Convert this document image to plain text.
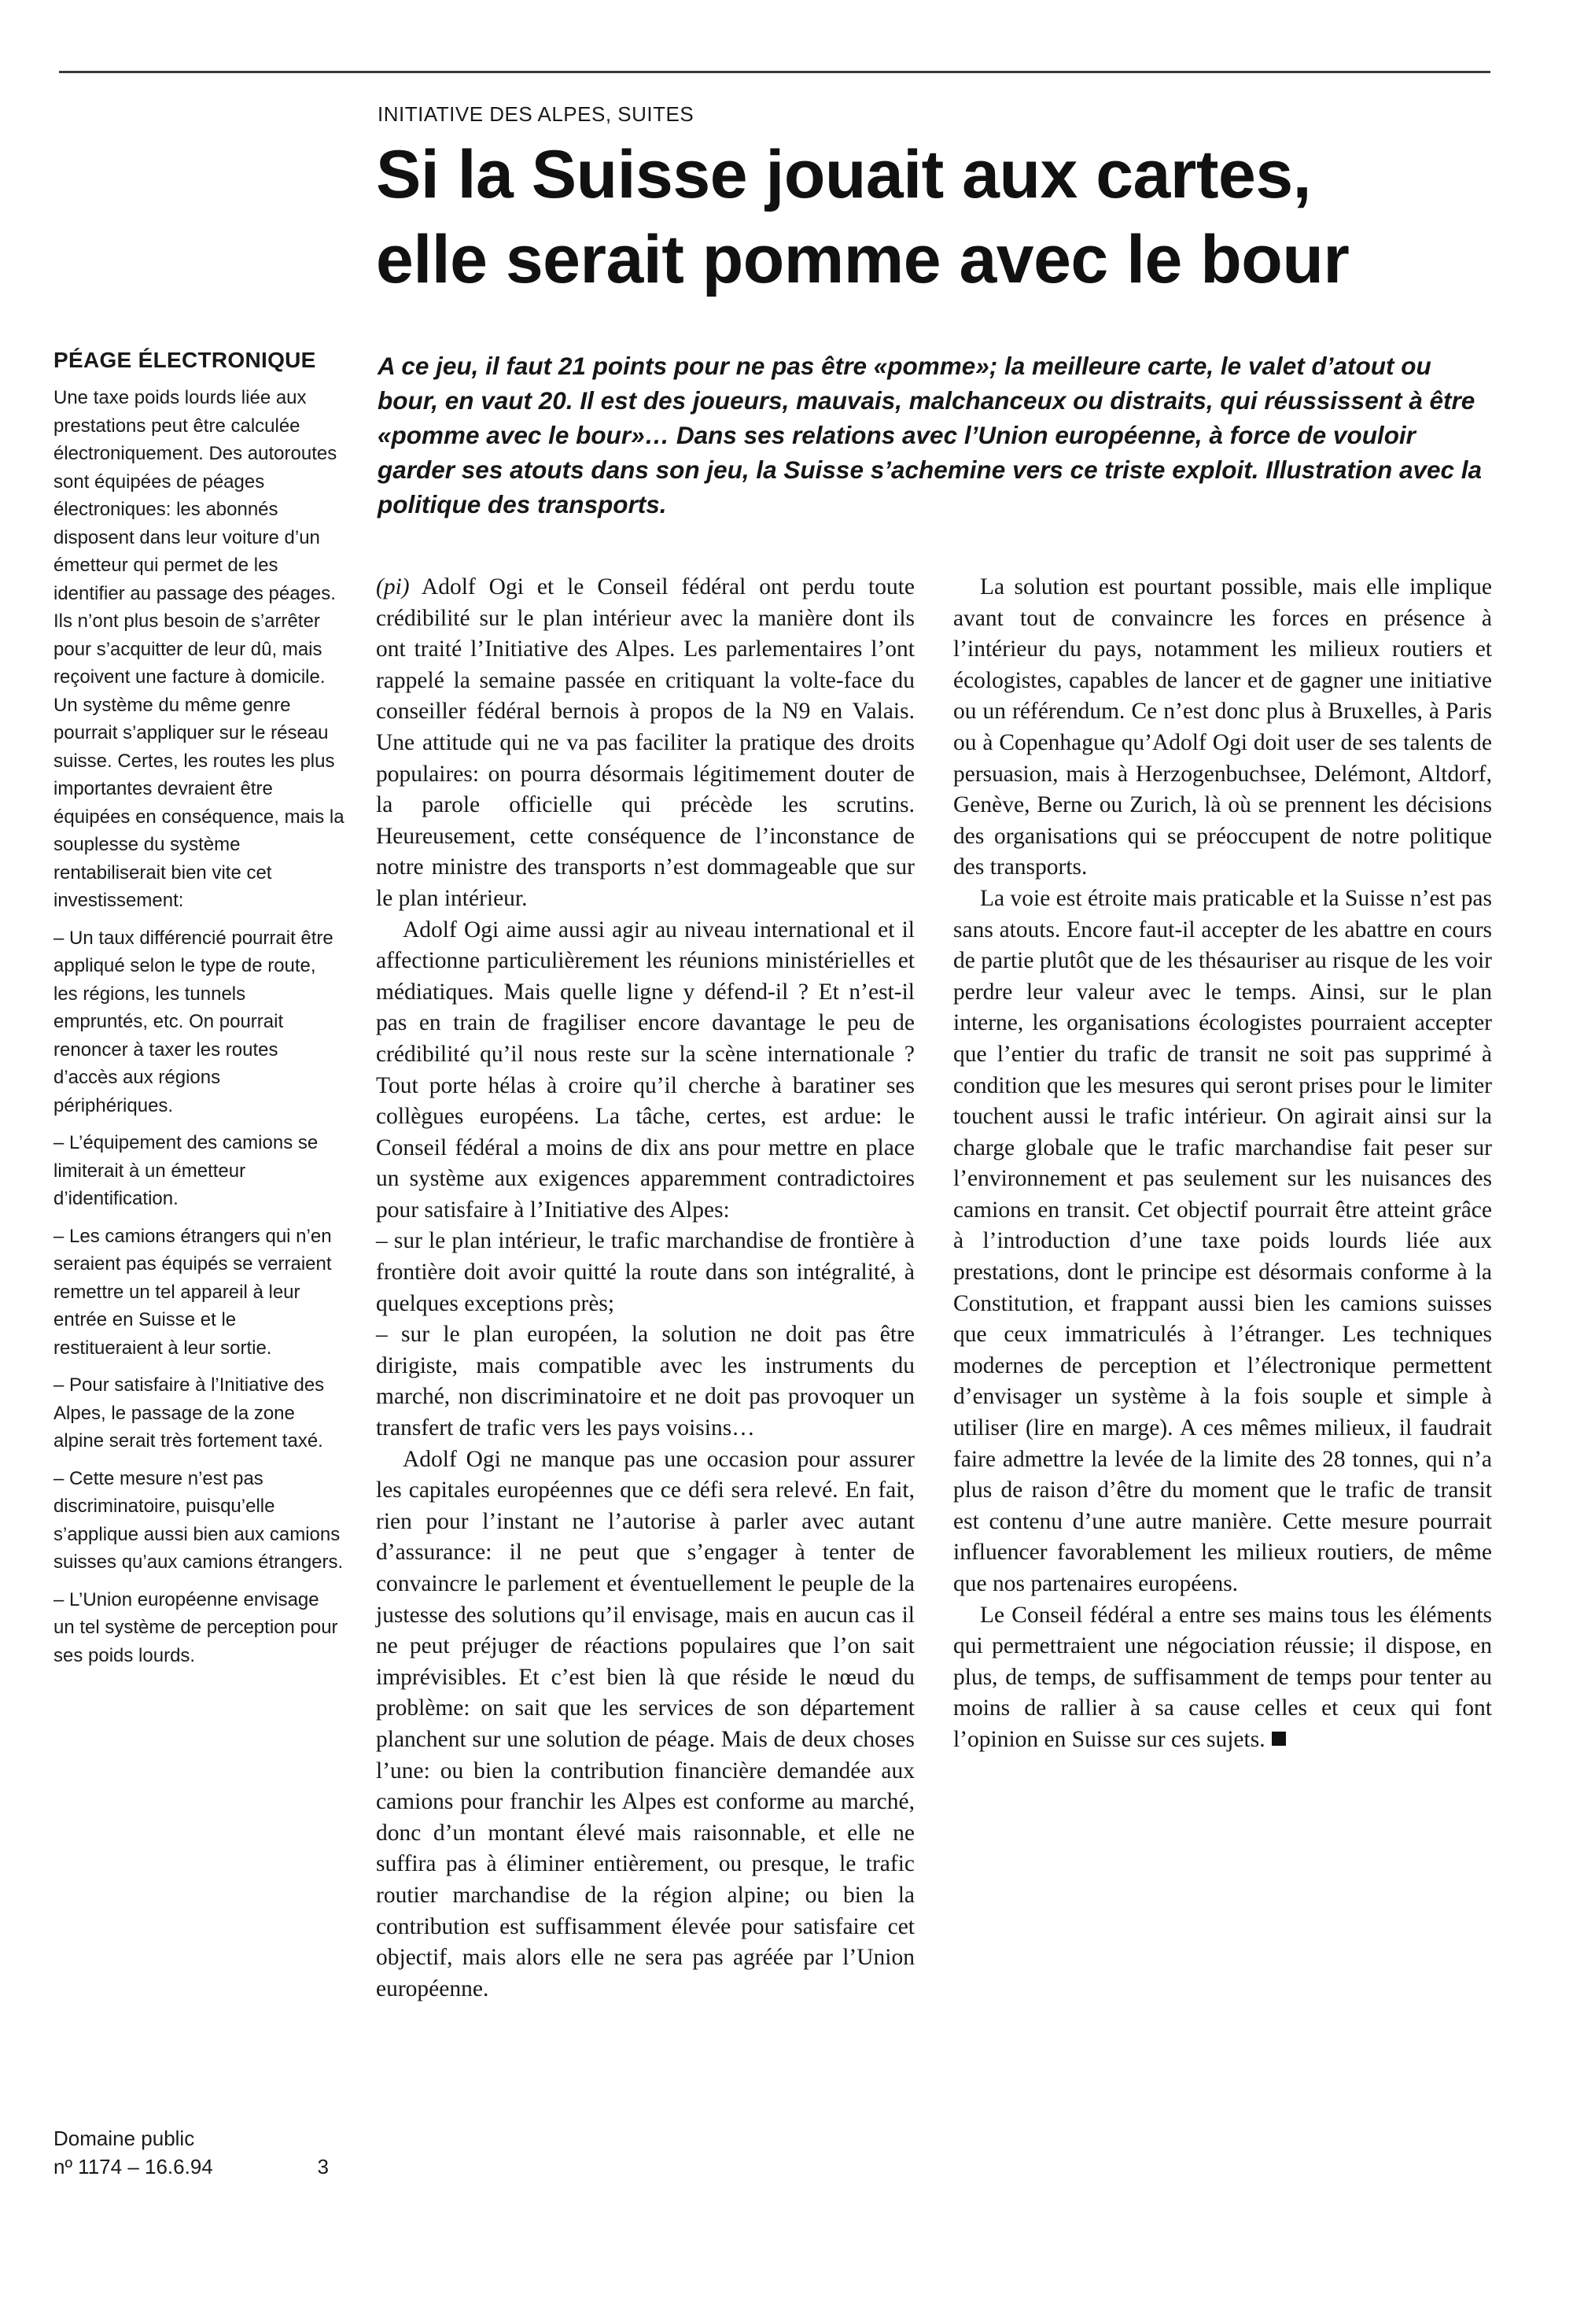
INITIATIVE DES ALPES, SUITES
Si la Suisse jouait aux cartes,
elle serait pomme avec le bour

A ce jeu, il faut 21 points pour ne pas être «pomme»; la meilleure carte, le valet d’atout ou bour, en vaut 20. Il est des joueurs, mauvais, malchanceux ou distraits, qui réussissent à être «pomme avec le bour»… Dans ses relations avec l’Union européenne, à force de vouloir garder ses atouts dans son jeu, la Suisse s’achemine vers ce triste exploit. Illustration avec la politique des transports.

PÉAGE ÉLECTRONIQUE

Une taxe poids lourds liée aux prestations peut être calculée électroniquement. Des autoroutes sont équipées de péages électroniques: les abonnés disposent dans leur voiture d’un émetteur qui permet de les identifier au passage des péages. Ils n’ont plus besoin de s’arrêter pour s’acquitter de leur dû, mais reçoivent une facture à domicile. Un système du même genre pourrait s’appliquer sur le réseau suisse. Certes, les routes les plus importantes devraient être équipées en conséquence, mais la souplesse du système rentabiliserait bien vite cet investissement:

– Un taux différencié pourrait être appliqué selon le type de route, les régions, les tunnels empruntés, etc. On pourrait renoncer à taxer les routes d’accès aux régions périphériques.
– L’équipement des camions se limiterait à un émetteur d’identification.
– Les camions étrangers qui n’en seraient pas équipés se verraient remettre un tel appareil à leur entrée en Suisse et le restitueraient à leur sortie.
– Pour satisfaire à l’Initiative des Alpes, le passage de la zone alpine serait très fortement taxé.
– Cette mesure n’est pas discriminatoire, puisqu’elle s’applique aussi bien aux camions suisses qu’aux camions étrangers.
– L’Union européenne envisage un tel système de perception pour ses poids lourds.
Domaine public
nº 1174 – 16.6.94	3

(pi) Adolf Ogi et le Conseil fédéral ont perdu toute crédibilité sur le plan intérieur avec la manière dont ils ont traité l’Initiative des Alpes. Les parlementaires l’ont rappelé la semaine passée en critiquant la volte-face du conseiller fédéral bernois à propos de la N9 en Valais. Une attitude qui ne va pas faciliter la pratique des droits populaires: on pourra désormais légitimement douter de la parole officielle qui précède les scrutins. Heureusement, cette conséquence de l’inconstance de notre ministre des transports n’est dommageable que sur le plan intérieur.

Adolf Ogi aime aussi agir au niveau international et il affectionne particulièrement les réunions ministérielles et médiatiques. Mais quelle ligne y défend-il ? Et n’est-il pas en train de fragiliser encore davantage le peu de crédibilité qu’il nous reste sur la scène internationale ? Tout porte hélas à croire qu’il cherche à baratiner ses collègues européens. La tâche, certes, est ardue: le Conseil fédéral a moins de dix ans pour mettre en place un système aux exigences apparemment contradictoires pour satisfaire à l’Initiative des Alpes:

– sur le plan intérieur, le trafic marchandise de frontière à frontière doit avoir quitté la route dans son intégralité, à quelques exceptions près;

– sur le plan européen, la solution ne doit pas être dirigiste, mais compatible avec les instruments du marché, non discriminatoire et ne doit pas provoquer un transfert de trafic vers les pays voisins…

Adolf Ogi ne manque pas une occasion pour assurer les capitales européennes que ce défi sera relevé. En fait, rien pour l’instant ne l’autorise à parler avec autant d’assurance: il ne peut que s’engager à tenter de convaincre le parlement et éventuellement le peuple de la justesse des solutions qu’il envisage, mais en aucun cas il ne peut préjuger de réactions populaires que l’on sait imprévisibles. Et c’est bien là que réside le nœud du problème: on sait que les services de son département planchent sur une solution de péage. Mais de deux choses l’une: ou bien la contribution financière demandée aux camions pour franchir les Alpes est conforme au marché, donc d’un montant élevé mais raisonnable, et elle ne suffira pas à éliminer entièrement, ou presque, le trafic routier marchandise de la région alpine; ou bien la contribution est suffisamment élevée pour satisfaire cet objectif, mais alors elle ne sera pas agréée par l’Union européenne.

La solution est pourtant possible, mais elle implique avant tout de convaincre les forces en présence à l’intérieur du pays, notamment les milieux routiers et écologistes, capables de lancer et de gagner une initiative ou un référendum. Ce n’est donc plus à Bruxelles, à Paris ou à Copenhague qu’Adolf Ogi doit user de ses talents de persuasion, mais à Herzogenbuchsee, Delémont, Altdorf, Genève, Berne ou Zurich, là où se prennent les décisions des organisations qui se préoccupent de notre politique des transports.

La voie est étroite mais praticable et la Suisse n’est pas sans atouts. Encore faut-il accepter de les abattre en cours de partie plutôt que de les thésauriser au risque de les voir perdre leur valeur avec le temps. Ainsi, sur le plan interne, les organisations écologistes pourraient accepter que l’entier du trafic de transit ne soit pas supprimé à condition que les mesures qui seront prises pour le limiter touchent aussi le trafic intérieur. On agirait ainsi sur la charge globale que le trafic marchandise fait peser sur l’environnement et pas seulement sur les nuisances des camions en transit. Cet objectif pourrait être atteint grâce à l’introduction d’une taxe poids lourds liée aux prestations, dont le principe est désormais conforme à la Constitution, et frappant aussi bien les camions suisses que ceux immatriculés à l’étranger. Les techniques modernes de perception et l’électronique permettent d’envisager un système à la fois souple et simple à utiliser (lire en marge). A ces mêmes milieux, il faudrait faire admettre la levée de la limite des 28 tonnes, qui n’a plus de raison d’être du moment que le trafic de transit est contenu d’une autre manière. Cette mesure pourrait influencer favorablement les milieux routiers, de même que nos partenaires européens.

Le Conseil fédéral a entre ses mains tous les éléments qui permettraient une négociation réussie; il dispose, en plus, de temps, de suffisamment de temps pour tenter au moins de rallier à sa cause celles et ceux qui font l’opinion en Suisse sur ces sujets.
